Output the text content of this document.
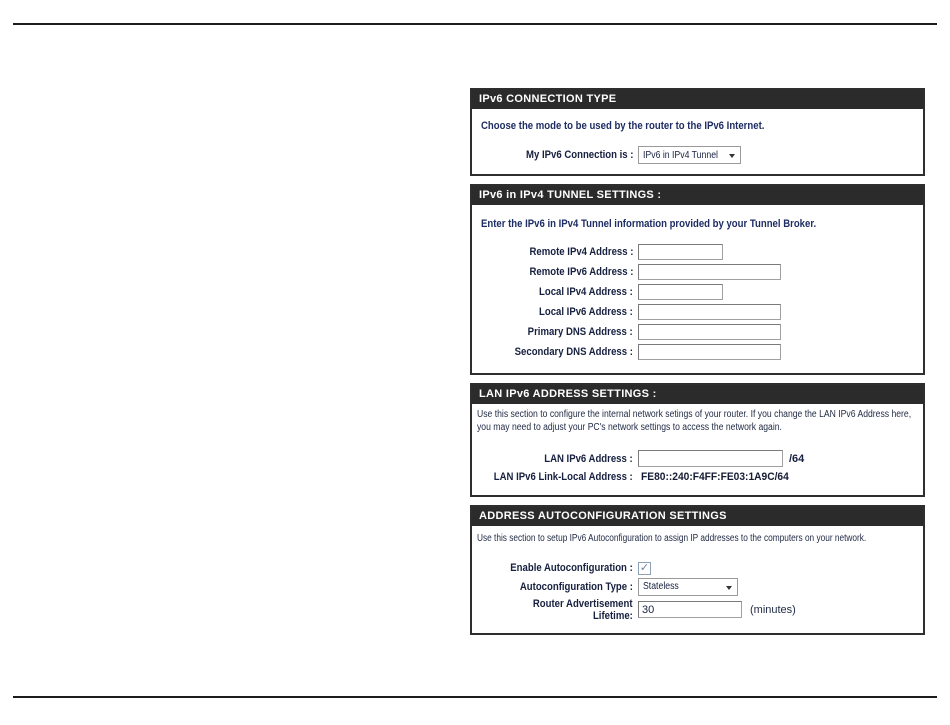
IPv6 CONNECTION TYPE
Choose the mode to be used by the router to the IPv6 Internet.
My IPv6 Connection is : IPv6 in IPv4 Tunnel
IPv6 in IPv4 TUNNEL SETTINGS :
Enter the IPv6 in IPv4 Tunnel information provided by your Tunnel Broker.
Remote IPv4 Address :
Remote IPv6 Address :
Local IPv4 Address :
Local IPv6 Address :
Primary DNS Address :
Secondary DNS Address :
LAN IPv6 ADDRESS SETTINGS :
Use this section to configure the internal network setings of your router. If you change the LAN IPv6 Address here, you may need to adjust your PC's network settings to access the network again.
LAN IPv6 Address :	/64
LAN IPv6 Link-Local Address : FE80::240:F4FF:FE03:1A9C/64
ADDRESS AUTOCONFIGURATION SETTINGS
Use this section to setup IPv6 Autoconfiguration to assign IP addresses to the computers on your network.
Enable Autoconfiguration : ✓
Autoconfiguration Type : Stateless
Router Advertisement
Lifetime:
30	(minutes)
